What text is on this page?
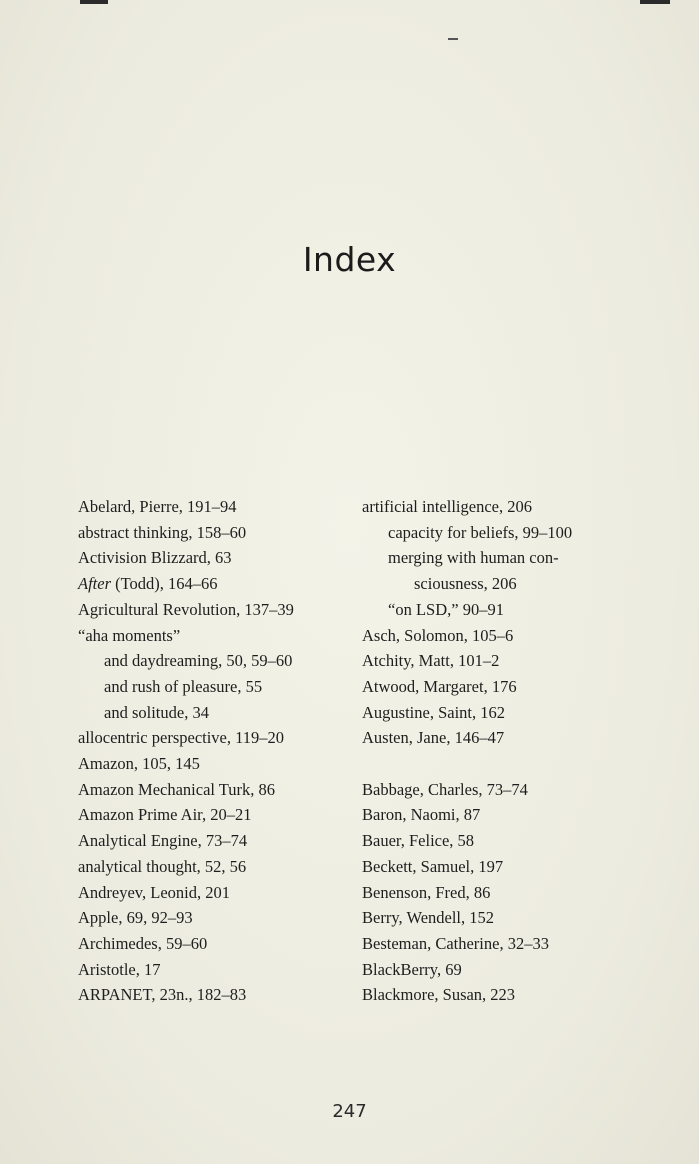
Index
Abelard, Pierre, 191–94
abstract thinking, 158–60
Activision Blizzard, 63
After (Todd), 164–66
Agricultural Revolution, 137–39
“aha moments”
and daydreaming, 50, 59–60
and rush of pleasure, 55
and solitude, 34
allocentric perspective, 119–20
Amazon, 105, 145
Amazon Mechanical Turk, 86
Amazon Prime Air, 20–21
Analytical Engine, 73–74
analytical thought, 52, 56
Andreyev, Leonid, 201
Apple, 69, 92–93
Archimedes, 59–60
Aristotle, 17
ARPANET, 23n., 182–83
artificial intelligence, 206
capacity for beliefs, 99–100
merging with human con-
sciousness, 206
“on LSD,” 90–91
Asch, Solomon, 105–6
Atchity, Matt, 101–2
Atwood, Margaret, 176
Augustine, Saint, 162
Austen, Jane, 146–47
Babbage, Charles, 73–74
Baron, Naomi, 87
Bauer, Felice, 58
Beckett, Samuel, 197
Benenson, Fred, 86
Berry, Wendell, 152
Besteman, Catherine, 32–33
BlackBerry, 69
Blackmore, Susan, 223
247
